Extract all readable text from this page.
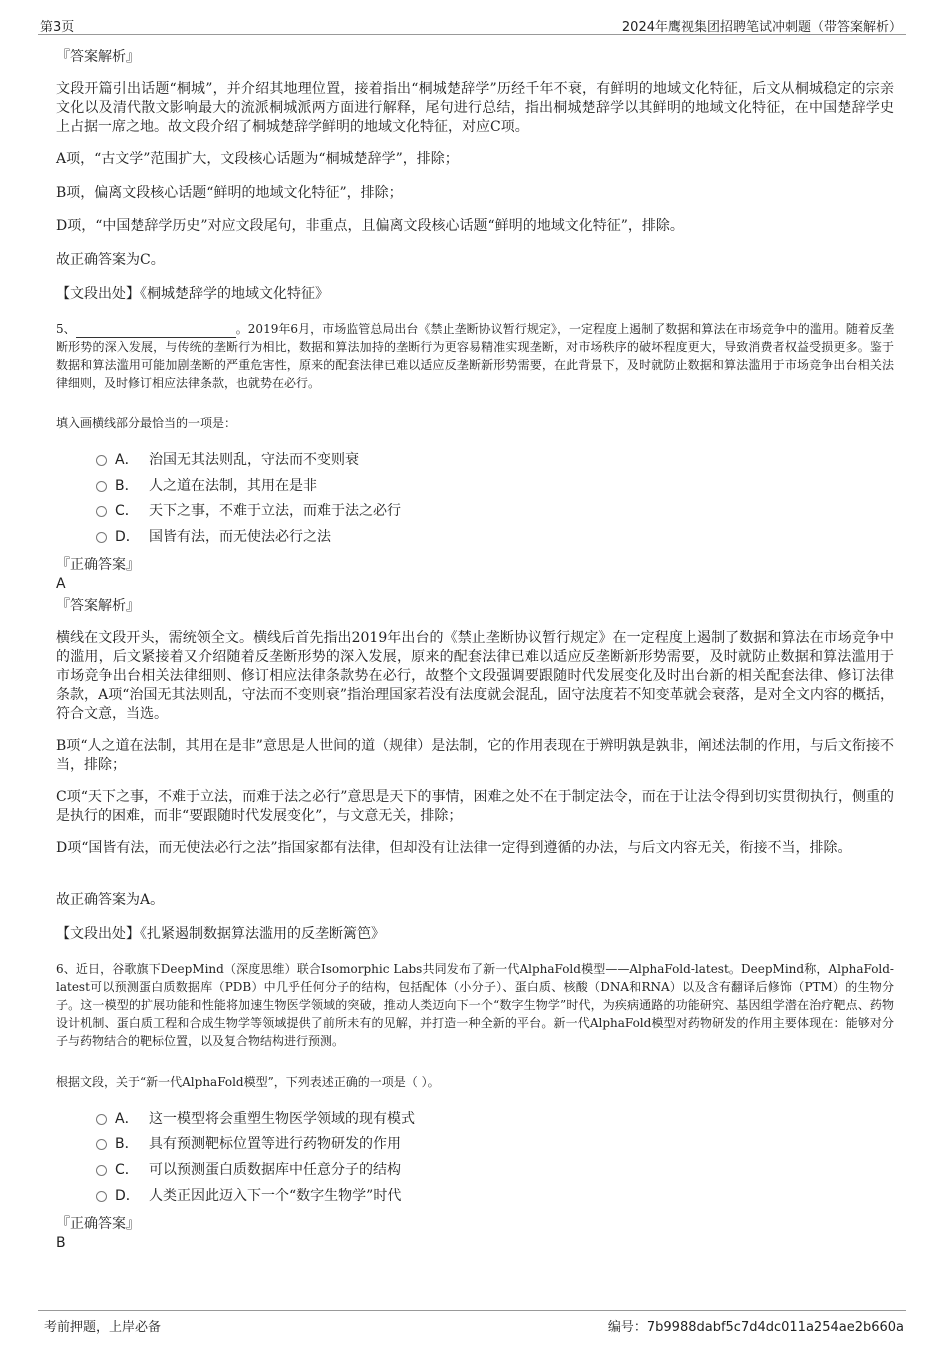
第3页	2024年鹰视集团招聘笔试冲刺题（带答案解析）
『答案解析』

文段开篇引出话题“桐城”，并介绍其地理位置，接着指出“桐城楚辞学”历经千年不衰，有鲜明的地域文化特征，后文从桐城稳定的宗亲文化以及清代散文影响最大的流派桐城派两方面进行解释，尾句进行总结，指出桐城楚辞学以其鲜明的地域文化特征，在中国楚辞学史上占据一席之地。故文段介绍了桐城楚辞学鲜明的地域文化特征，对应C项。

A项，“古文学”范围扩大，文段核心话题为“桐城楚辞学”，排除；

B项，偏离文段核心话题“鲜明的地域文化特征”，排除；

D项，“中国楚辞学历史”对应文段尾句，非重点，且偏离文段核心话题“鲜明的地域文化特征”，排除。

故正确答案为C。

【文段出处】《桐城楚辞学的地域文化特征》

5、	。2019年6月，市场监管总局出台《禁止垄断协议暂行规定》，一定程度上遏制了数据和算法在市场竞争中的滥用。随着反垄断形势的深入发展，与传统的垄断行为相比，数据和算法加持的垄断行为更容易精准实现垄断，对市场秩序的破坏程度更大，导致消费者权益受损更多。鉴于数据和算法滥用可能加剧垄断的严重危害性，原来的配套法律已难以适应反垄断新形势需要，在此背景下，及时就防止数据和算法滥用于市场竞争出台相关法律细则，及时修订相应法律条款，也就势在必行。

填入画横线部分最恰当的一项是：

A． 治国无其法则乱，守法而不变则衰
B． 人之道在法制，其用在是非
C． 天下之事，不难于立法，而难于法之必行
D． 国皆有法，而无使法必行之法
『正确答案』
A
『答案解析』

横线在文段开头，需统领全文。横线后首先指出2019年出台的《禁止垄断协议暂行规定》在一定程度上遏制了数据和算法在市场竞争中的滥用，后文紧接着又介绍随着反垄断形势的深入发展，原来的配套法律已难以适应反垄断新形势需要，及时就防止数据和算法滥用于市场竞争出台相关法律细则、修订相应法律条款势在必行，故整个文段强调要跟随时代发展变化及时出台新的相关配套法律、修订法律条款，A项“治国无其法则乱，守法而不变则衰”指治理国家若没有法度就会混乱，固守法度若不知变革就会衰落，是对全文内容的概括，符合文意，当选。

B项“人之道在法制，其用在是非”意思是人世间的道（规律）是法制，它的作用表现在于辨明孰是孰非，阐述法制的作用，与后文衔接不当，排除；

C项“天下之事，不难于立法，而难于法之必行”意思是天下的事情，困难之处不在于制定法令，而在于让法令得到切实贯彻执行，侧重的是执行的困难，而非“要跟随时代发展变化”，与文意无关，排除；

D项“国皆有法，而无使法必行之法”指国家都有法律，但却没有让法律一定得到遵循的办法，与后文内容无关，衔接不当，排除。

故正确答案为A。

【文段出处】《扎紧遏制数据算法滥用的反垄断篱笆》

6、近日，谷歌旗下DeepMind（深度思维）联合Isomorphic Labs共同发布了新一代AlphaFold模型——AlphaFold-latest。DeepMind称，AlphaFold-latest可以预测蛋白质数据库（PDB）中几乎任何分子的结构，包括配体（小分子）、蛋白质、核酸（DNA和RNA）以及含有翻译后修饰（PTM）的生物分子。这一模型的扩展功能和性能将加速生物医学领域的突破，推动人类迈向下一个“数字生物学”时代，为疾病通路的功能研究、基因组学潜在治疗靶点、药物设计机制、蛋白质工程和合成生物学等领域提供了前所未有的见解，并打造一种全新的平台。新一代AlphaFold模型对药物研发的作用主要体现在：能够对分子与药物结合的靶标位置，以及复合物结构进行预测。

根据文段，关于“新一代AlphaFold模型”，下列表述正确的一项是（ ）。

A． 这一模型将会重塑生物医学领域的现有模式
B． 具有预测靶标位置等进行药物研发的作用
C． 可以预测蛋白质数据库中任意分子的结构
D． 人类正因此迈入下一个“数字生物学”时代
『正确答案』
B
考前押题，上岸必备	编号：7b9988dabf5c7d4dc011a254ae2b660a
